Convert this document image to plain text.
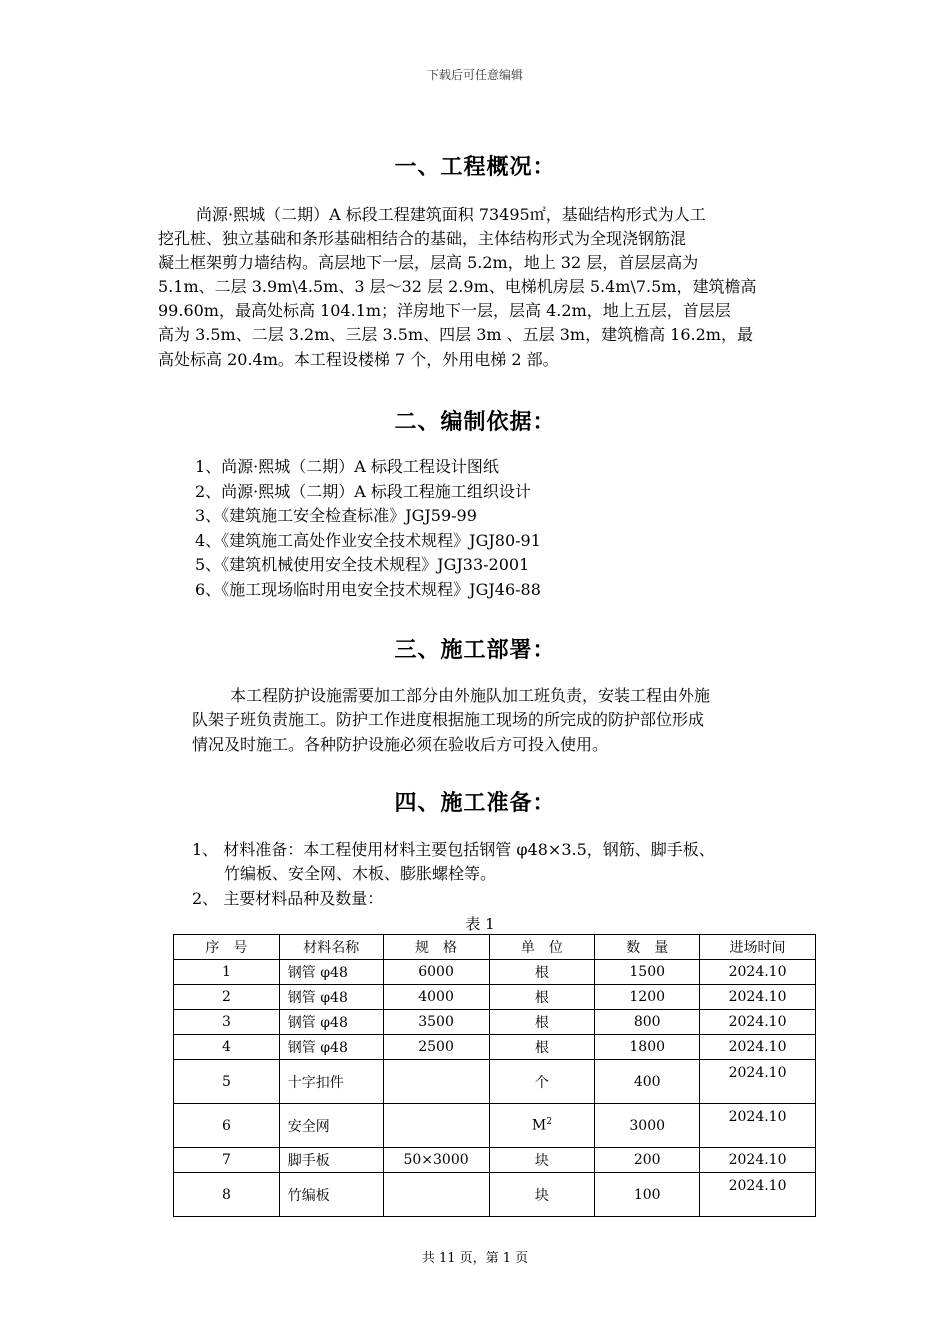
下载后可任意编辑
一、工程概况：
尚源·熙城（二期）A 标段工程建筑面积 73495㎡，基础结构形式为人工
挖孔桩、独立基础和条形基础相结合的基础，主体结构形式为全现浇钢筋混
凝土框架剪力墙结构。高层地下一层，层高 5.2m，地上 32 层，首层层高为
5.1m、二层 3.9m\4.5m、3 层～32 层 2.9m、电梯机房层 5.4m\7.5m，建筑檐高
99.60m，最高处标高 104.1m；洋房地下一层，层高 4.2m，地上五层，首层层
高为 3.5m、二层 3.2m、三层 3.5m、四层 3m 、五层 3m，建筑檐高 16.2m，最
高处标高 20.4m。本工程设楼梯 7 个，外用电梯 2 部。
二、编制依据：
1、尚源·熙城（二期）A 标段工程设计图纸
2、尚源·熙城（二期）A 标段工程施工组织设计
3、《建筑施工安全检查标准》JGJ59-99
4、《建筑施工高处作业安全技术规程》JGJ80-91
5、《建筑机械使用安全技术规程》JGJ33-2001
6、《施工现场临时用电安全技术规程》JGJ46-88
三、施工部署：
本工程防护设施需要加工部分由外施队加工班负责，安装工程由外施
队架子班负责施工。防护工作进度根据施工现场的所完成的防护部位形成
情况及时施工。各种防护设施必须在验收后方可投入使用。
四、施工准备：
1、 材料准备：本工程使用材料主要包括钢管 φ48×3.5，钢筋、脚手板、
竹编板、安全网、木板、膨胀螺栓等。
2、 主要材料品种及数量：
表 1
序　号	材料名称	规　格	单　位	数　量	进场时间
1	钢管 φ48	6000	根	1500	2024.10
2	钢管 φ48	4000	根	1200	2024.10
3	钢管 φ48	3500	根	800	2024.10
4	钢管 φ48	2500	根	1800	2024.10
5	十字扣件		个	400	2024.10
6	安全网		$M^2$	3000	2024.10
7	脚手板	50×3000	块	200	2024.10
8	竹编板		块	100	2024.10
共 11 页，第 1 页
